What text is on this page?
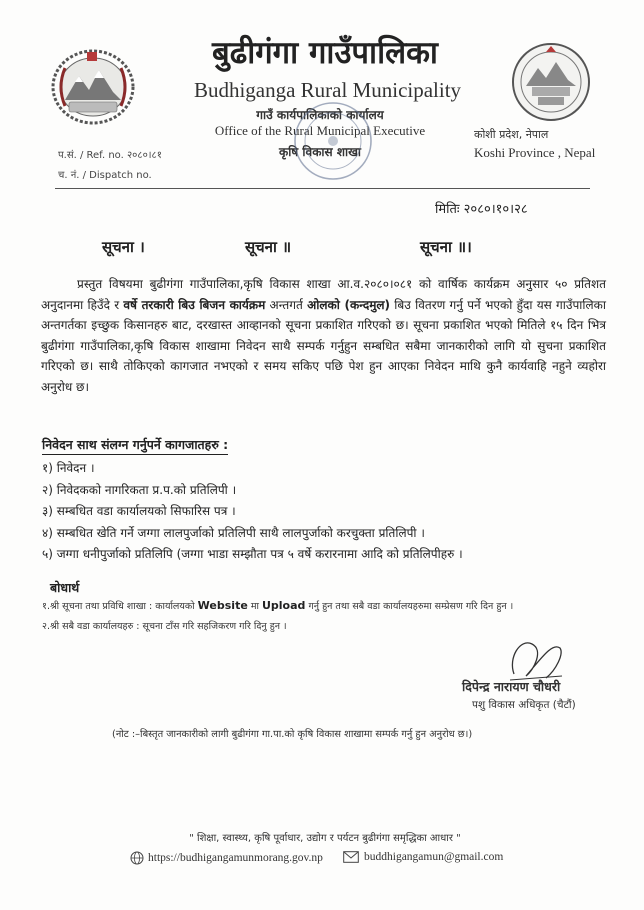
बुढीगंगा गाउँपालिका
Budhiganga Rural Municipality
गाउँ कार्यपालिकाको कार्यालय
Office of the Rural Municipal Executive
कृषि विकास शाखा
कोशी प्रदेश, नेपाल
Koshi Province , Nepal
प.सं. / Ref. no. २०८०।८१
च. नं. / Dispatch no.
मितिः २०८०।१०।२८
सूचना ।	सूचना ॥	सूचना ॥।
   प्रस्तुत विषयमा बुढीगंगा गाउँपालिका,कृषि विकास शाखा आ.व.२०८०।०८१ को वार्षिक कार्यक्रम अनुसार ५० प्रतिशत अनुदानमा हिउँदे र वर्षे तरकारी बिउ बिजन कार्यक्रम अन्तगर्त ओलको (कन्दमुल) बिउ वितरण गर्नु पर्ने भएको हुँदा यस गाउँपालिका अन्तगर्तका इच्छुक किसानहरु बाट, दरखास्त आव्हानको सूचना प्रकाशित गरिएको छ। सूचना प्रकाशित भएको मितिले १५ दिन भित्र बुढीगंगा गाउँपालिका,कृषि विकास शाखामा निवेदन साथै सम्पर्क गर्नुहुन सम्बधित सबैमा जानकारीको लागि यो सुचना प्रकाशित गरिएको छ। साथै तोकिएको कागजात नभएको र समय सकिए पछि पेश हुन आएका निवेदन माथि कुनै कार्यवाहि नहुने व्यहोरा अनुरोध छ।
निवेदन साथ संलग्न गर्नुपर्ने कागजातहरु :
१) निवेदन ।
२) निवेदकको नागरिकता प्र.प.को प्रतिलिपी ।
३) सम्बधित वडा कार्यालयको सिफारिस पत्र ।
४) सम्बधित खेति गर्ने जग्गा लालपुर्जाको प्रतिलिपी साथै लालपुर्जाको करचुक्ता प्रतिलिपी ।
५) जग्गा धनीपुर्जाको प्रतिलिपि (जग्गा भाडा सम्झौता पत्र ५ वर्षे करारनामा आदि को प्रतिलिपीहरु ।
बोधार्थ
१.श्री सूचना तथा प्रविधि शाखा : कार्यालयको Website मा Upload गर्नु हुन तथा सबै वडा कार्यालयहरुमा सम्प्रेसण गरि दिन हुन ।
२.श्री सबै वडा कार्यालयहरु : सूचना टाँस गरि सहजिकरण गरि दिनु हुन ।
दिपेन्द्र नारायण चौधरी
पशु विकास अधिकृत (चैटौं)
(नोट :–बिस्तृत जानकारीको लागी बुढीगंगा गा.पा.को कृषि विकास शाखामा सम्पर्क गर्नु हुन अनुरोध छ।)
" शिक्षा, स्वास्थ्य, कृषि पूर्वाधार, उद्योग र पर्यटन बुढीगंगा समृद्धिका आधार "
https://budhigangamunmorang.gov.np	buddhigangamun@gmail.com
